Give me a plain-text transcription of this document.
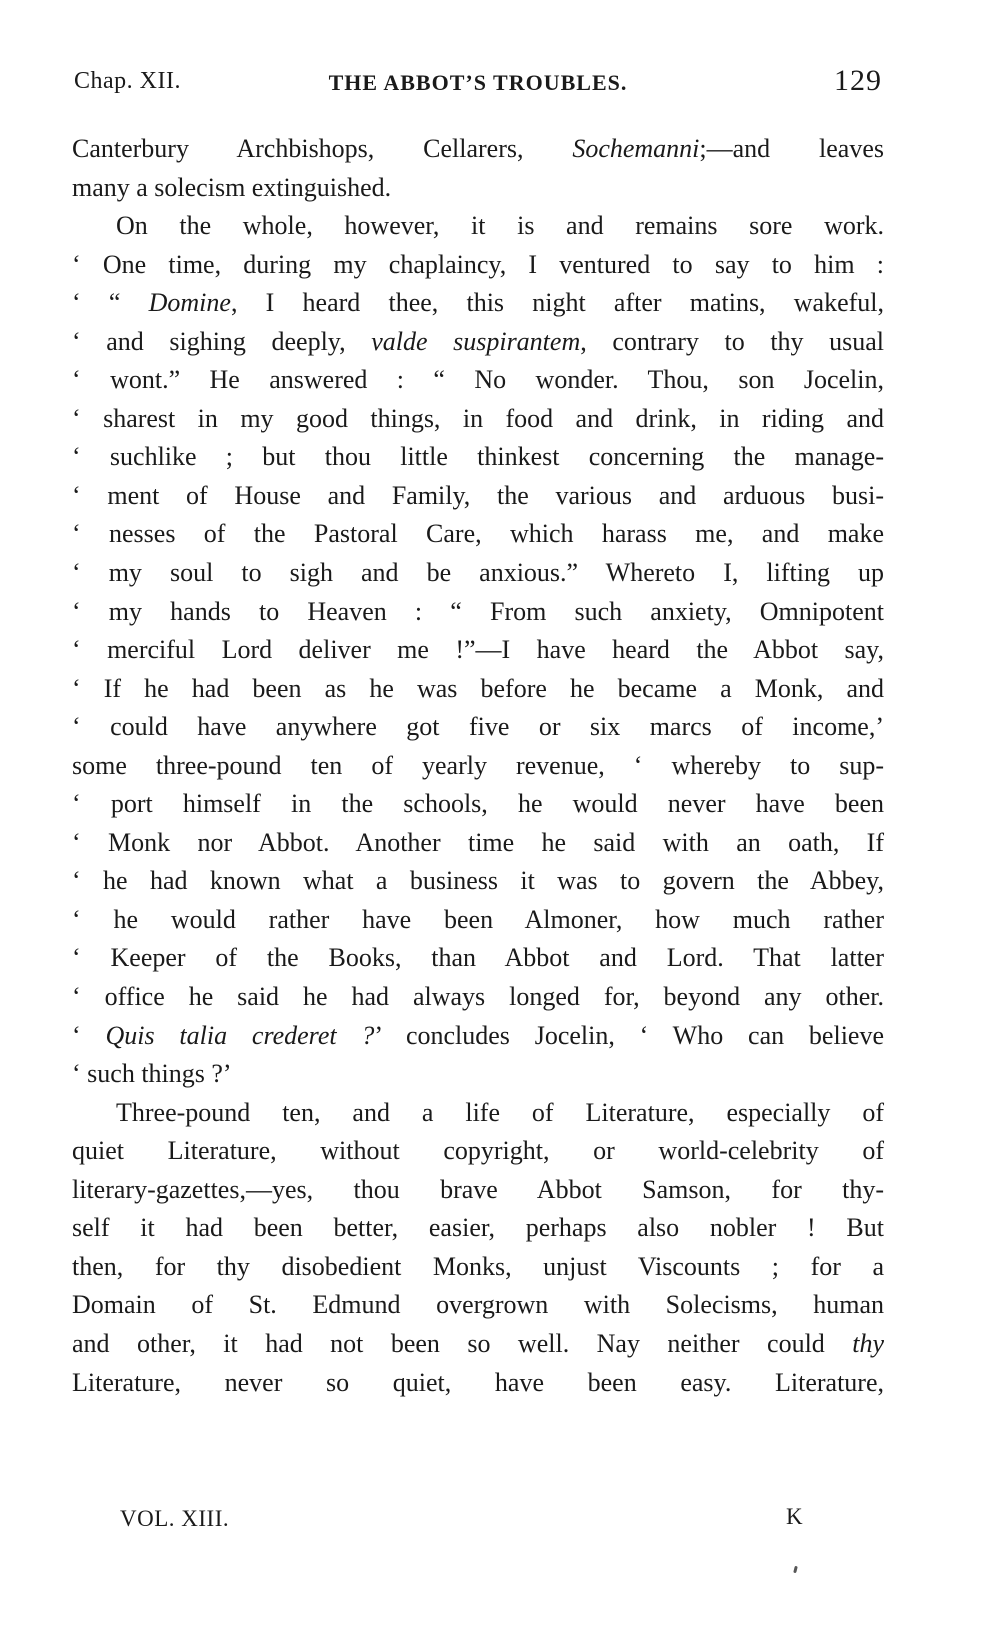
Chap. XII.	THE ABBOT’S TROUBLES.	129
Canterbury Archbishops, Cellarers, Sochemanni;—and leaves
many a solecism extinguished.
On the whole, however, it is and remains sore work.
‘ One time, during my chaplaincy, I ventured to say to him :
‘ “ Domine, I heard thee, this night after matins, wakeful,
‘ and sighing deeply, valde suspirantem, contrary to thy usual
‘ wont.” He answered : “ No wonder. Thou, son Jocelin,
‘ sharest in my good things, in food and drink, in riding and
‘ suchlike ; but thou little thinkest concerning the manage-
‘ ment of House and Family, the various and arduous busi-
‘ nesses of the Pastoral Care, which harass me, and make
‘ my soul to sigh and be anxious.” Whereto I, lifting up
‘ my hands to Heaven : “ From such anxiety, Omnipotent
‘ merciful Lord deliver me !”—I have heard the Abbot say,
‘ If he had been as he was before he became a Monk, and
‘ could have anywhere got five or six marcs of income,’
some three-pound ten of yearly revenue, ‘ whereby to sup-
‘ port himself in the schools, he would never have been
‘ Monk nor Abbot. Another time he said with an oath, If
‘ he had known what a business it was to govern the Abbey,
‘ he would rather have been Almoner, how much rather
‘ Keeper of the Books, than Abbot and Lord. That latter
‘ office he said he had always longed for, beyond any other.
‘ Quis talia crederet ?’ concludes Jocelin, ‘ Who can believe
‘ such things ?’
Three-pound ten, and a life of Literature, especially of
quiet Literature, without copyright, or world-celebrity of
literary-gazettes,—yes, thou brave Abbot Samson, for thy-
self it had been better, easier, perhaps also nobler ! But
then, for thy disobedient Monks, unjust Viscounts ; for a
Domain of St. Edmund overgrown with Solecisms, human
and other, it had not been so well. Nay neither could thy
Literature, never so quiet, have been easy. Literature,
VOL. XIII.	K
